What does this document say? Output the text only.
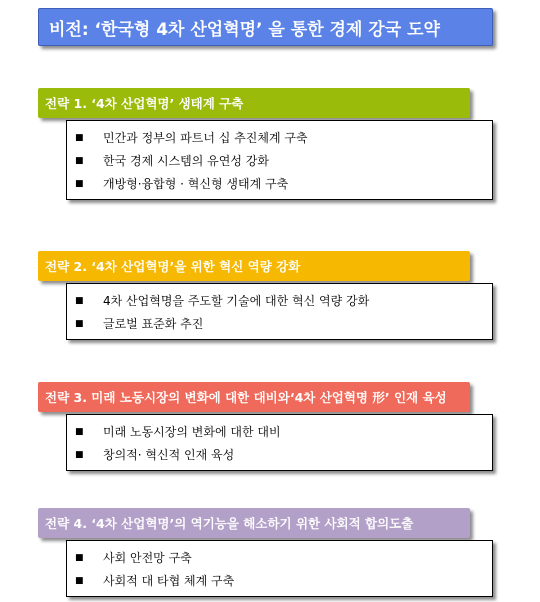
비전: ‘한국형 4차 산업혁명’ 을 통한 경제 강국 도약
전략 1. ‘4차 산업혁명’ 생태계 구축
■ 민간과 정부의 파트너 십 추진체계 구축
■ 한국 경제 시스템의 유연성 강화
■ 개방형·융합형 · 혁신형 생태계 구축
전략 2. ‘4차 산업혁명’을 위한 혁신 역량 강화
■ 4차 산업혁명을 주도할 기술에 대한 혁신 역량 강화
■ 글로벌 표준화 추진
전략 3. 미래 노동시장의 변화에 대한 대비와‘4차 산업혁명 形’ 인재 육성
■ 미래 노동시장의 변화에 대한 대비
■ 창의적· 혁신적 인재 육성
전략 4. ‘4차 산업혁명’의 역기능을 해소하기 위한 사회적 합의도출
■ 사회 안전망 구축
■ 사회적 대 타협 체계 구축
